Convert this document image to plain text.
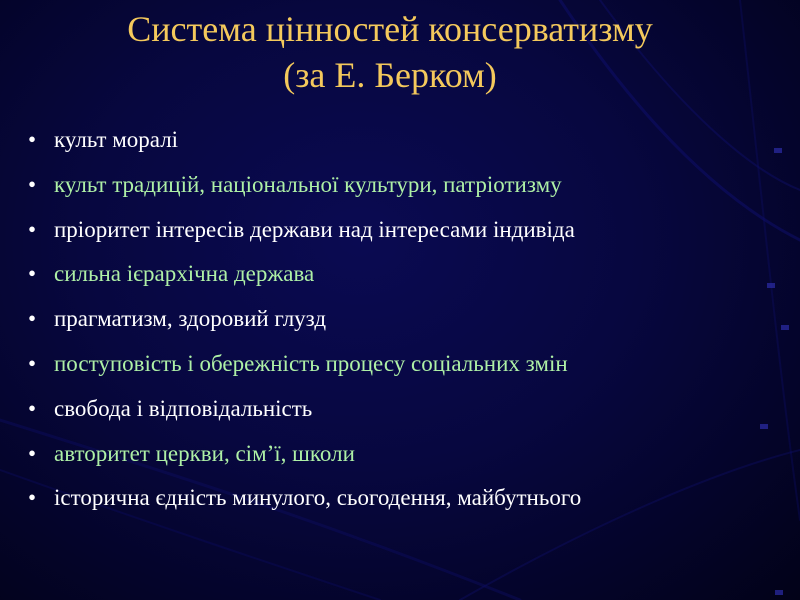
Система цінностей консерватизму
(за Е. Берком)
• культ моралі
• культ традицій, національної культури, патріотизму
• пріоритет інтересів держави над інтересами індивіда
• сильна ієрархічна держава
• прагматизм, здоровий глузд
• поступовість і обережність процесу соціальних змін
• свобода і відповідальність
• авторитет церкви, сім’ї, школи
• історична єдність минулого, сьогодення, майбутнього
